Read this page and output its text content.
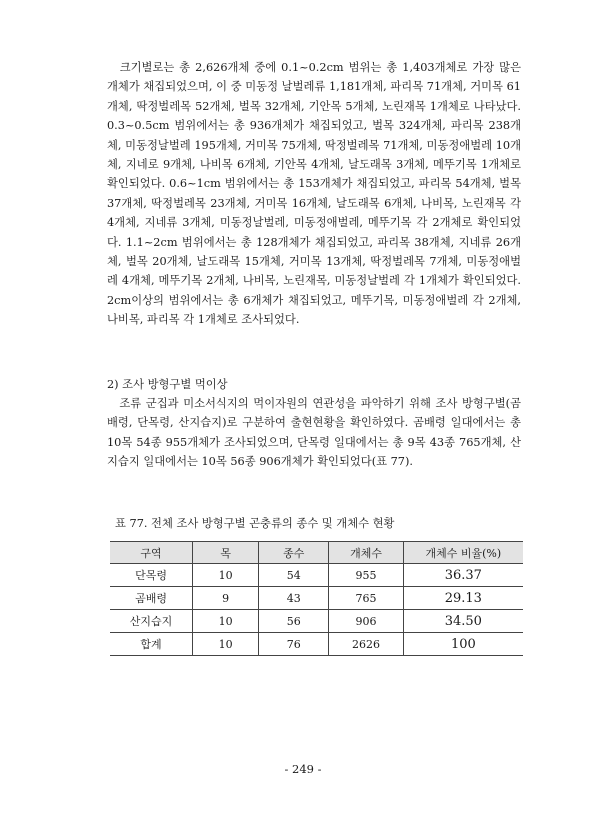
　크기별로는 총 2,626개체 중에 0.1~0.2cm 범위는 총 1,403개체로 가장 많은 개체가 채집되었으며, 이 중 미동정 날벌레류 1,181개체, 파리목 71개체, 거미목 61개체, 딱정벌레목 52개체, 벌목 32개체, 기안목 5개체, 노린재목 1개체로 나타났다. 0.3~0.5cm 범위에서는 총 936개체가 채집되었고, 벌목 324개체, 파리목 238개체, 미동정날벌레 195개체, 거미목 75개체, 딱정벌레목 71개체, 미동정애벌레 10개체, 지네로 9개체, 나비목 6개체, 기안목 4개체, 날도래목 3개체, 메뚜기목 1개체로 확인되었다. 0.6~1cm 범위에서는 총 153개체가 채집되었고, 파리목 54개체, 벌목 37개체, 딱정벌레목 23개체, 거미목 16개체, 날도래목 6개체, 나비목, 노린재목 각 4개체, 지네류 3개체, 미동정날벌레, 미동정애벌레, 메뚜기목 각 2개체로 확인되었다. 1.1~2cm 범위에서는 총 128개체가 채집되었고, 파리목 38개체, 지네류 26개체, 벌목 20개체, 날도래목 15개체, 거미목 13개체, 딱정벌레목 7개체, 미동정애벌레 4개체, 메뚜기목 2개체, 나비목, 노린재목, 미동정날벌레 각 1개체가 확인되었다. 2cm이상의 범위에서는 총 6개체가 채집되었고, 메뚜기목, 미동정애벌레 각 2개체, 나비목, 파리목 각 1개체로 조사되었다.

2) 조사 방형구별 먹이상

　조류 군집과 미소서식지의 먹이자원의 연관성을 파악하기 위해 조사 방형구별(곰배령, 단목령, 산지습지)로 구분하여 출현현황을 확인하였다. 곰배령 일대에서는 총 10목 54종 955개체가 조사되었으며, 단목령 일대에서는 총 9목 43종 765개체, 산지습지 일대에서는 10목 56종 906개체가 확인되었다(표 77).

표 77. 전체 조사 방형구별 곤충류의 종수 및 개체수 현황

구역	목	종수	개체수	개체수 비율(%)
단목령	10	54	955	36.37
곰배령	9	43	765	29.13
산지습지	10	56	906	34.50
합계	10	76	2626	100
- 249 -
